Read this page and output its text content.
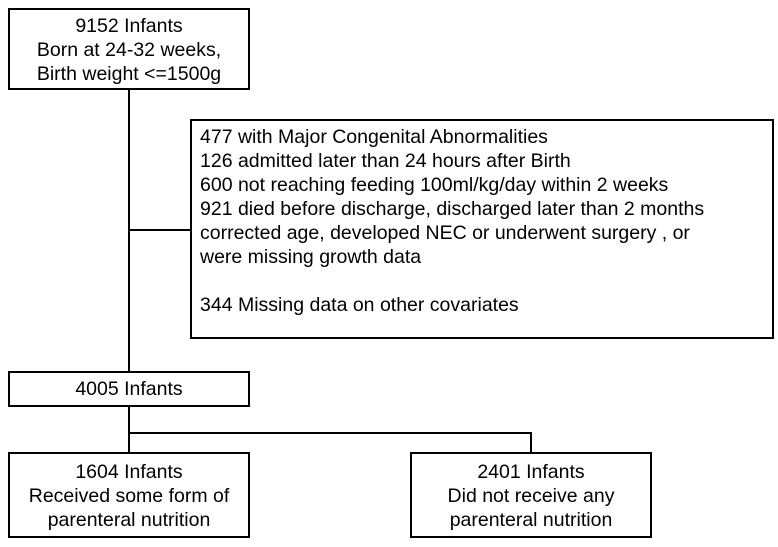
9152 Infants
Born at 24-32 weeks,
Birth weight <=1500g
477 with Major Congenital Abnormalities
126 admitted later than 24 hours after Birth
600 not reaching feeding 100ml/kg/day within 2 weeks
921 died before discharge, discharged later than 2 months
corrected age, developed NEC or underwent surgery , or
were missing growth data
344 Missing data on other covariates
4005 Infants
1604 Infants
Received some form of
parenteral nutrition
2401 Infants
Did not receive any
parenteral nutrition
